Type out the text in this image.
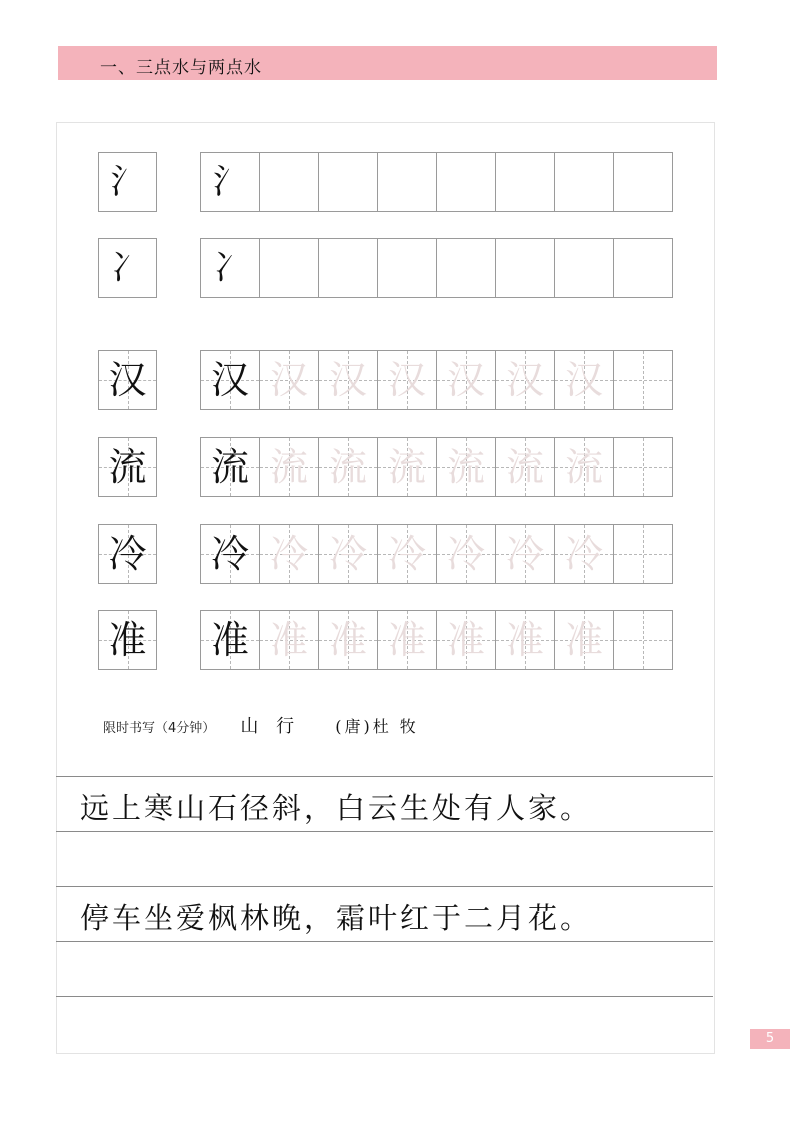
一、三点水与两点水
氵	氵
冫	冫
汉 汉 汉 汉 汉 汉 汉 汉
流 流 流 流 流 流 流 流
冷 冷 冷 冷 冷 冷 冷 冷
准 准 准 准 准 准 准 准
限时书写（4分钟） 山 行 (唐)杜 牧
远上寒山石径斜，白云生处有人家。
停车坐爱枫林晚，霜叶红于二月花。
5
